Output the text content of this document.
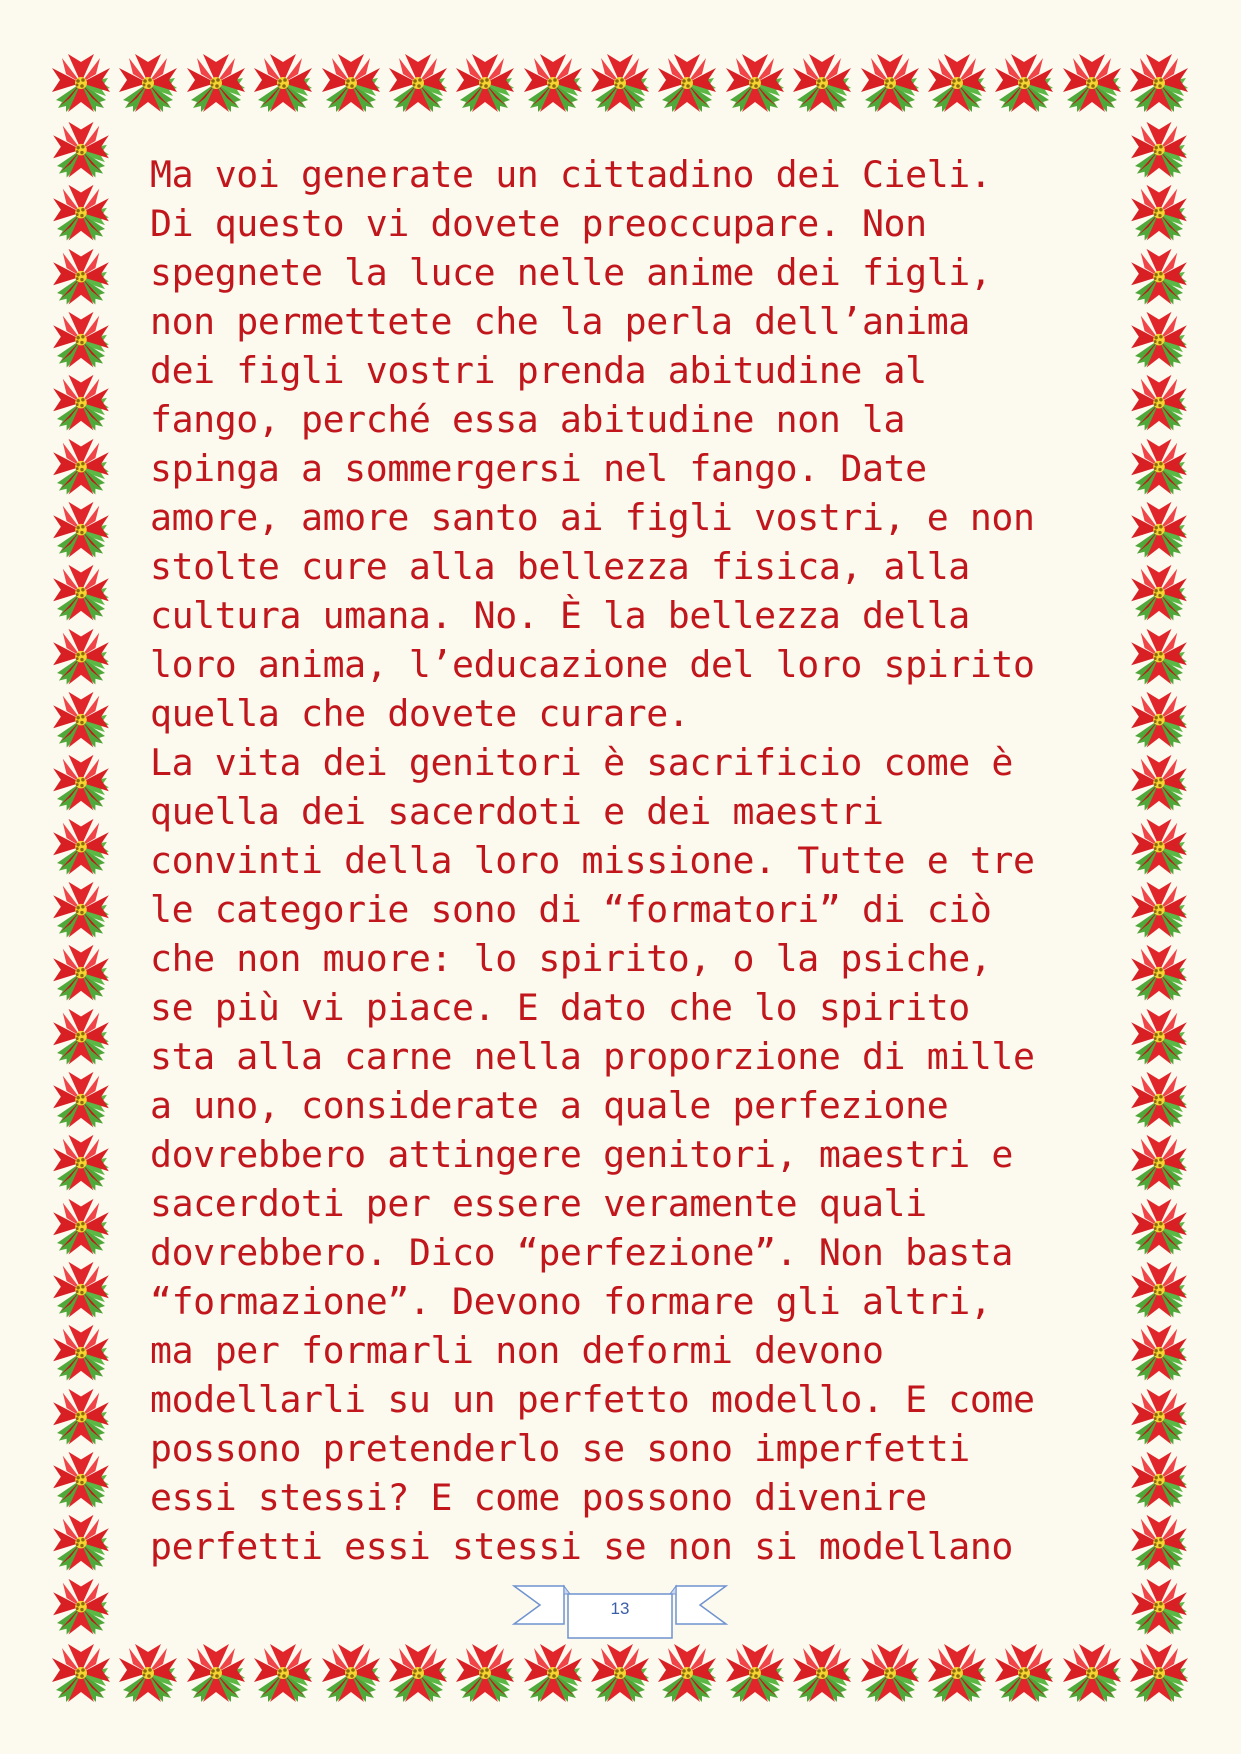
Ma voi generate un cittadino dei Cieli.
Di questo vi dovete preoccupare. Non
spegnete la luce nelle anime dei figli,
non permettete che la perla dell’anima
dei figli vostri prenda abitudine al
fango, perché essa abitudine non la
spinga a sommergersi nel fango. Date
amore, amore santo ai figli vostri, e non
stolte cure alla bellezza fisica, alla
cultura umana. No. È la bellezza della
loro anima, l’educazione del loro spirito
quella che dovete curare.
La vita dei genitori è sacrificio come è
quella dei sacerdoti e dei maestri
convinti della loro missione. Tutte e tre
le categorie sono di “formatori” di ciò
che non muore: lo spirito, o la psiche,
se più vi piace. E dato che lo spirito
sta alla carne nella proporzione di mille
a uno, considerate a quale perfezione
dovrebbero attingere genitori, maestri e
sacerdoti per essere veramente quali
dovrebbero. Dico “perfezione”. Non basta
“formazione”. Devono formare gli altri,
ma per formarli non deformi devono
modellarli su un perfetto modello. E come
possono pretenderlo se sono imperfetti
essi stessi? E come possono divenire
perfetti essi stessi se non si modellano
13
